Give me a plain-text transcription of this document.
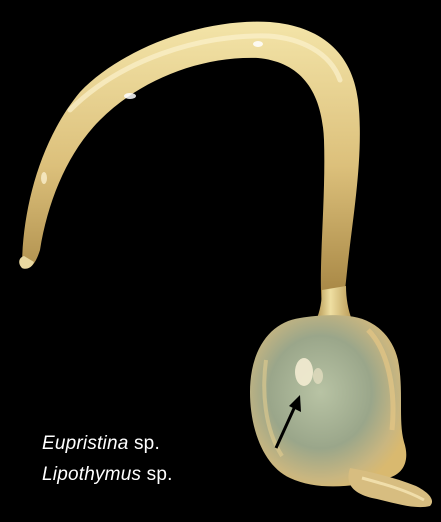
Eupristina sp.
Lipothymus sp.
